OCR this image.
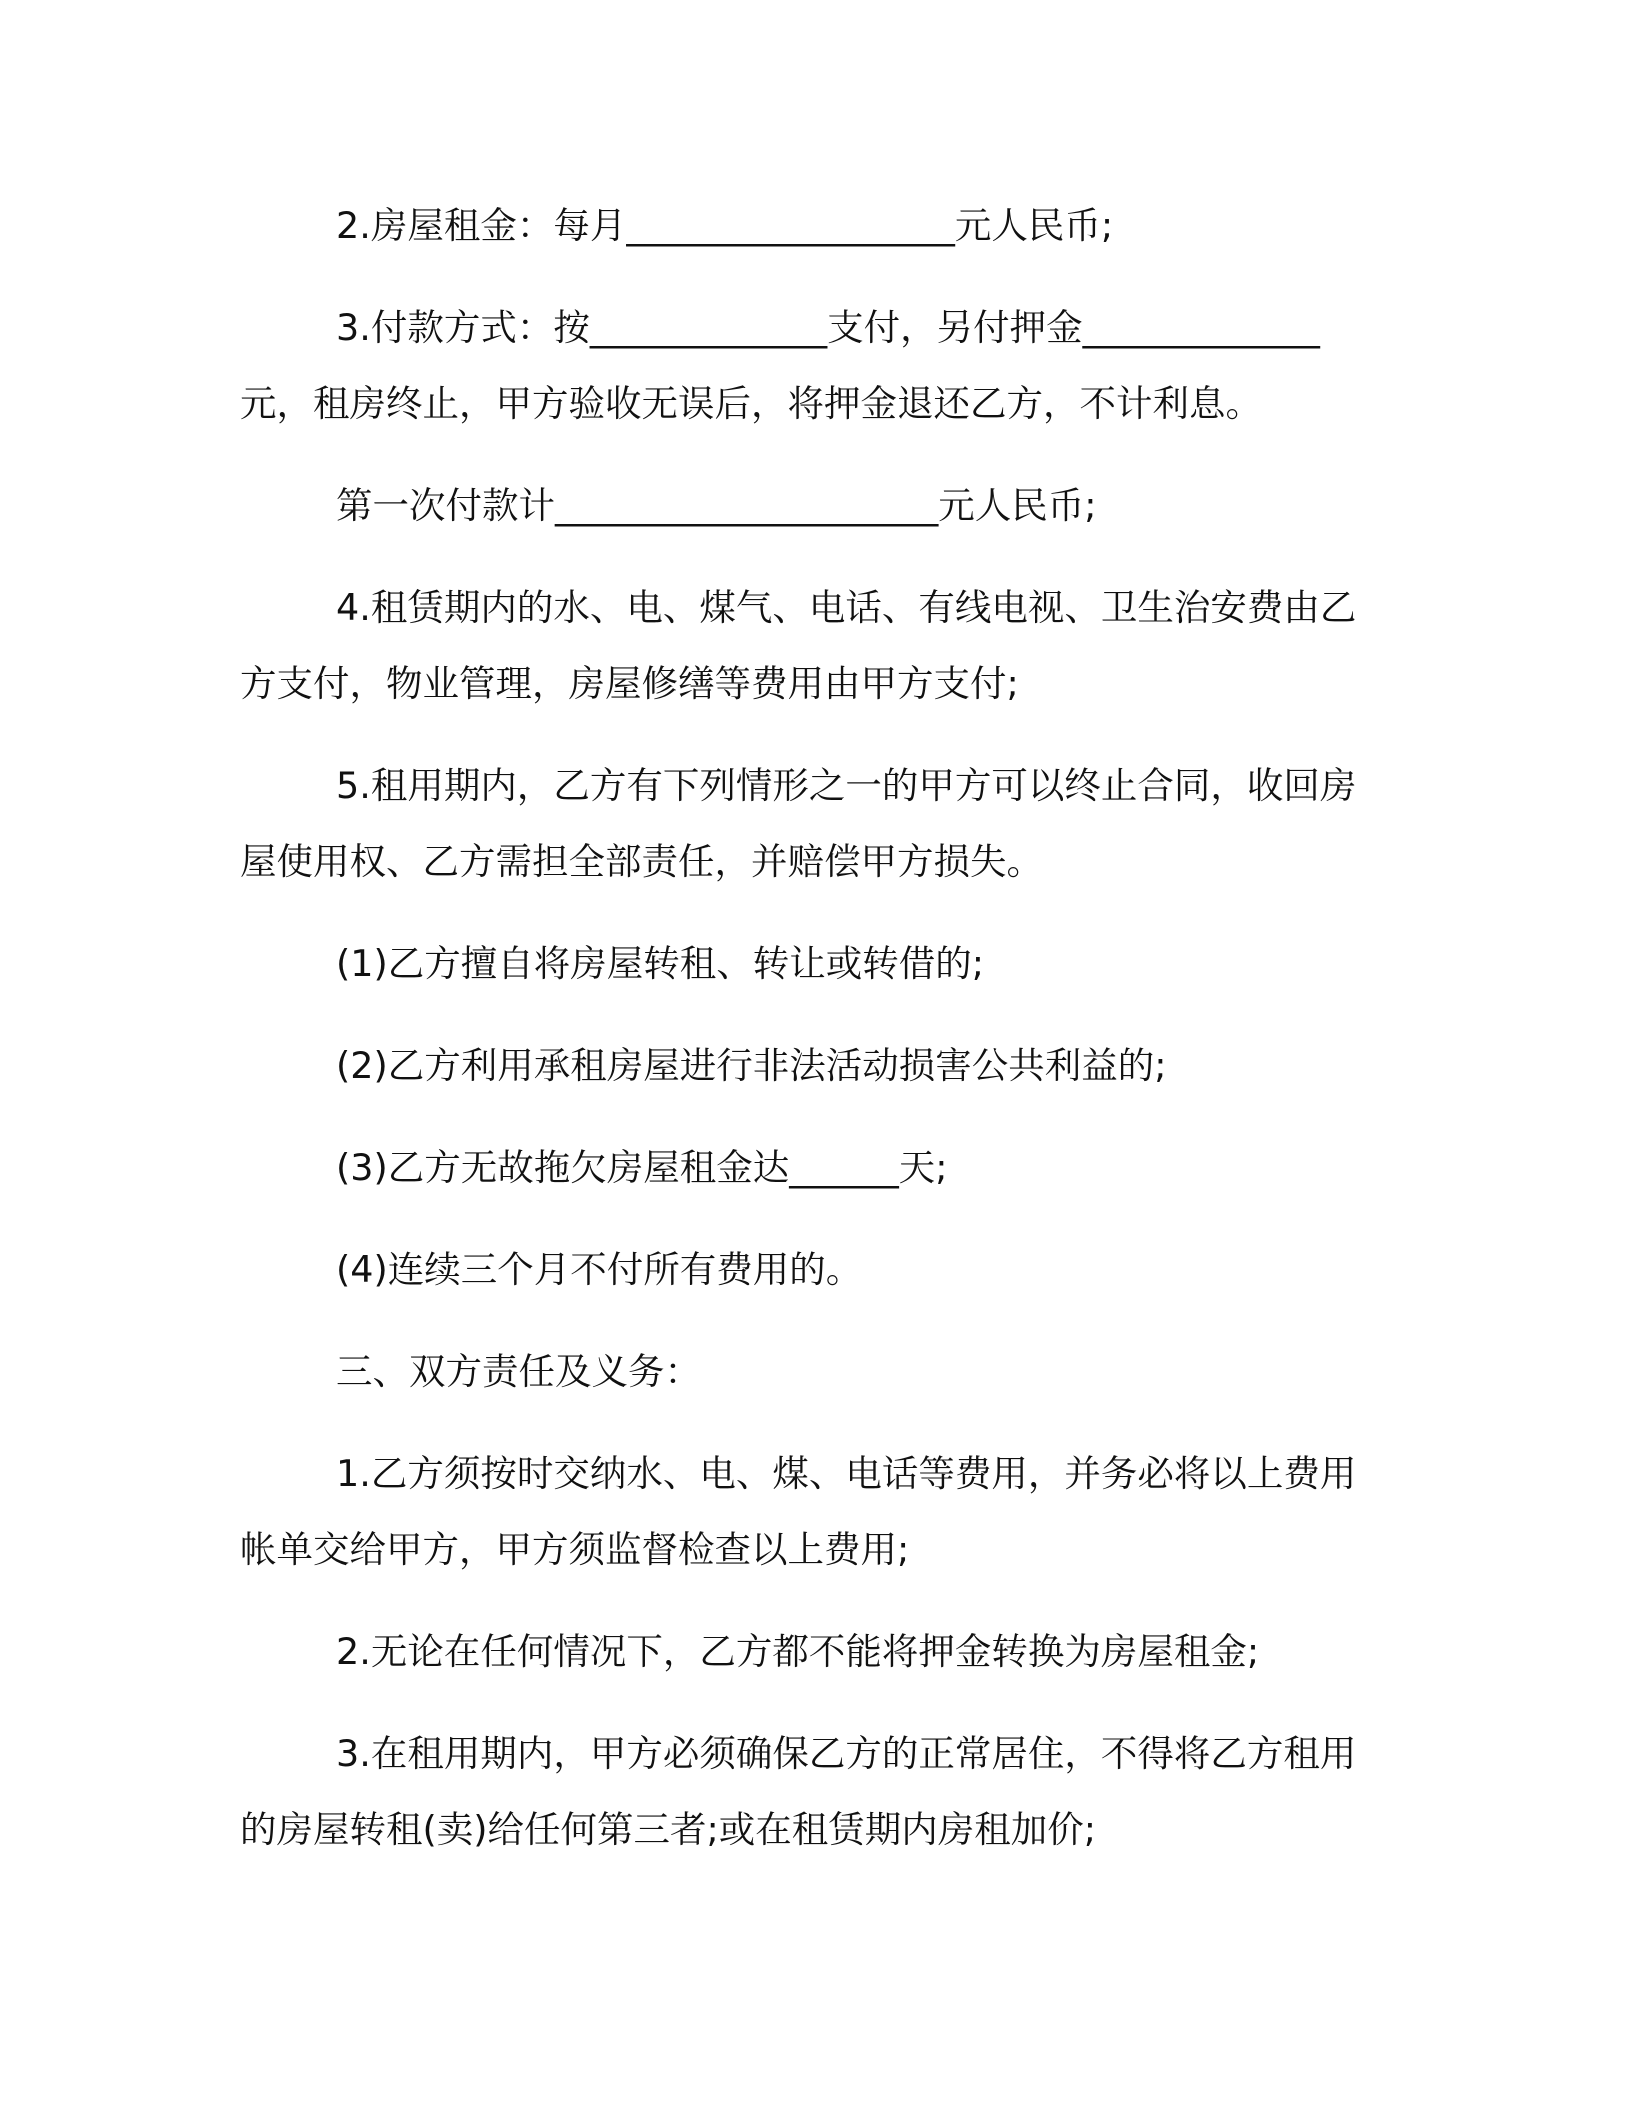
2.房屋租金：每月__________________元人民币;
3.付款方式：按_____________支付，另付押金_____________
元，租房终止，甲方验收无误后，将押金退还乙方，不计利息。
第一次付款计_____________________元人民币;
4.租赁期内的水、电、煤气、电话、有线电视、卫生治安费由乙
方支付，物业管理，房屋修缮等费用由甲方支付;
5.租用期内，乙方有下列情形之一的甲方可以终止合同，收回房
屋使用权、乙方需担全部责任，并赔偿甲方损失。
(1)乙方擅自将房屋转租、转让或转借的;
(2)乙方利用承租房屋进行非法活动损害公共利益的;
(3)乙方无故拖欠房屋租金达______天;
(4)连续三个月不付所有费用的。
三、双方责任及义务：
1.乙方须按时交纳水、电、煤、电话等费用，并务必将以上费用
帐单交给甲方，甲方须监督检查以上费用;
2.无论在任何情况下，乙方都不能将押金转换为房屋租金;
3.在租用期内，甲方必须确保乙方的正常居住，不得将乙方租用
的房屋转租(卖)给任何第三者;或在租赁期内房租加价;
